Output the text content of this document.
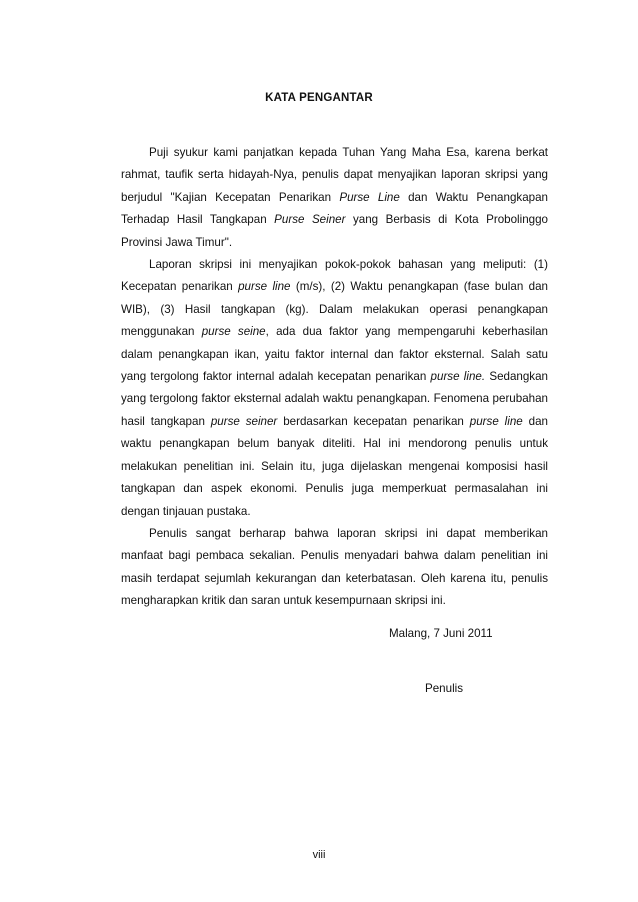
KATA PENGANTAR

Puji syukur kami panjatkan kepada Tuhan Yang Maha Esa, karena berkat rahmat, taufik serta hidayah-Nya, penulis dapat menyajikan laporan skripsi yang berjudul "Kajian Kecepatan Penarikan Purse Line dan Waktu Penangkapan Terhadap Hasil Tangkapan Purse Seiner yang Berbasis di Kota Probolinggo Provinsi Jawa Timur".

Laporan skripsi ini menyajikan pokok-pokok bahasan yang meliputi: (1) Kecepatan penarikan purse line (m/s), (2) Waktu penangkapan (fase bulan dan WIB), (3) Hasil tangkapan (kg). Dalam melakukan operasi penangkapan menggunakan purse seine, ada dua faktor yang mempengaruhi keberhasilan dalam penangkapan ikan, yaitu faktor internal dan faktor eksternal. Salah satu yang tergolong faktor internal adalah kecepatan penarikan purse line. Sedangkan yang tergolong faktor eksternal adalah waktu penangkapan. Fenomena perubahan hasil tangkapan purse seiner berdasarkan kecepatan penarikan purse line dan waktu penangkapan belum banyak diteliti. Hal ini mendorong penulis untuk melakukan penelitian ini. Selain itu, juga dijelaskan mengenai komposisi hasil tangkapan dan aspek ekonomi. Penulis juga memperkuat permasalahan ini dengan tinjauan pustaka.

Penulis sangat berharap bahwa laporan skripsi ini dapat memberikan manfaat bagi pembaca sekalian. Penulis menyadari bahwa dalam penelitian ini masih terdapat sejumlah kekurangan dan keterbatasan. Oleh karena itu, penulis mengharapkan kritik dan saran untuk kesempurnaan skripsi ini.

Malang, 7 Juni 2011
Penulis
viii
